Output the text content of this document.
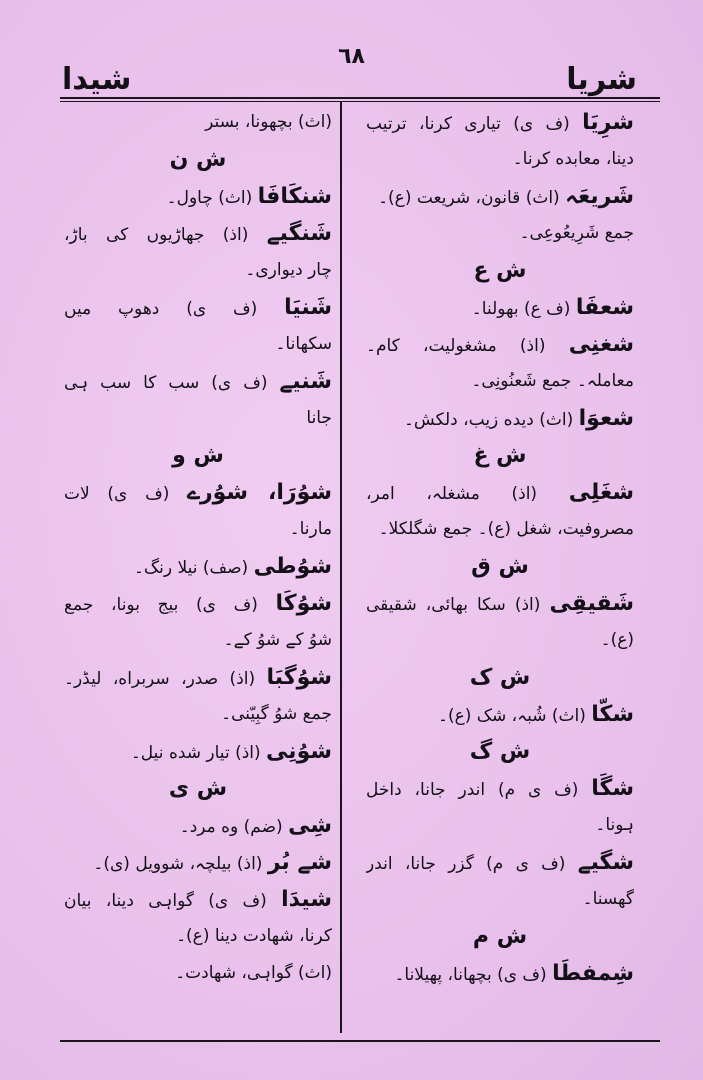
٦٨
شریا
شیدا
شرِیَا (ف ی) تیاری کرنا، ترتیب
دینا، معابده کرنا۔
شَریعَہ (اث) قانون، شریعت (ع)۔
جمع شَرِیعُوعِی۔
ش ع
شعفَا (ف ع) بھولنا۔
شغنِی (اذ) مشغولیت، کام۔
معاملہ۔ جمع شَعنُونِی۔
شعوَا (اث) دیده زیب، دلکش۔
ش غ
شغَلِی (اذ) مشغلہ، امر،
مصروفیت، شغل (ع)۔ جمع شگلکلا۔
ش ق
شَقیقِی (اذ) سکا بھائی، شقیقی
(ع)۔
ش ک
شکّا (اث) شُبہ، شک (ع)۔
ش گ
شگَا (ف ی م) اندر جانا، داخل
ہونا۔
شگیے (ف ی م) گزر جانا، اندر
گھسنا۔
ش م
شِمفطَا (ف ی) بچھانا، پھیلانا۔
(اث) بچھونا، بستر
ش ن
شنکَافَا (اث) چاول۔
شَنگیے (اذ) جھاڑیوں کی باڑ،
چار دیواری۔
شَنیَا (ف ی) دھوپ میں
سکھانا۔
شَنیے (ف ی) سب کا سب ہی
جانا
ش و
شوُرَا، شوُرے (ف ی) لات
مارنا۔
شوُطی (صف) نیلا رنگ۔
شوُکَا (ف ی) بیج بونا، جمع
شوُ کے شوُ کے۔
شوُگبَا (اذ) صدر، سربراه، لیڈر۔
جمع شوُ گبِیّنی۔
شوُنِی (اذ) تیار شده نیل۔
ش ی
شِی (ضم) وه مرد۔
شے بُر (اذ) بیلچہ، شوویل (ی)۔
شیدَا (ف ی) گواہی دینا، بیان
کرنا، شهادت دینا (ع)۔
(اث) گواہی، شهادت۔
